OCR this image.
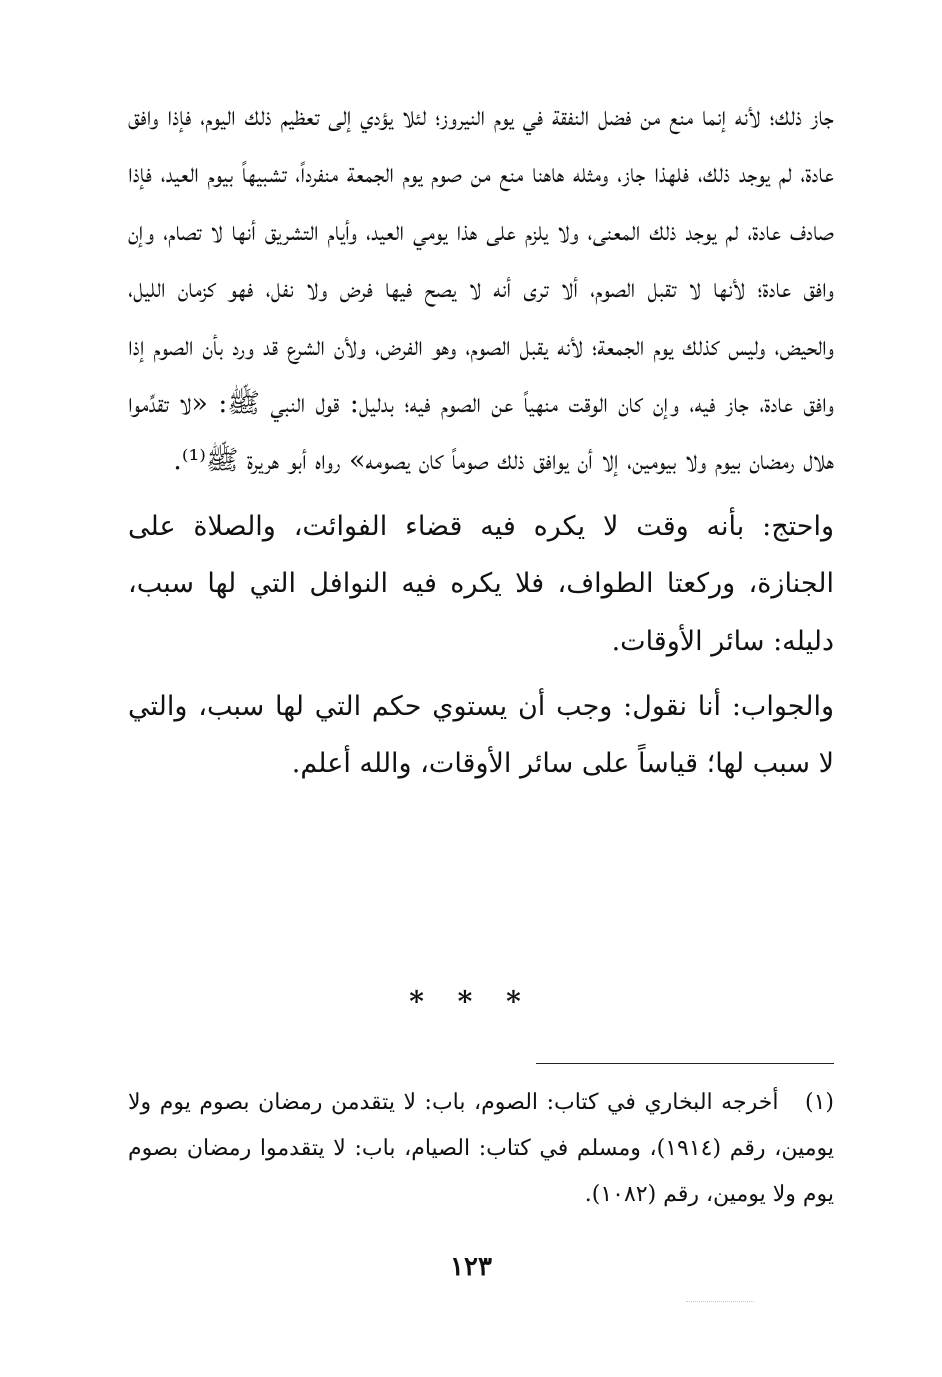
جاز ذلك؛ لأنه إنما منع من فضل النفقة في يوم النيروز؛ لئلا يؤدي إلى تعظيم ذلك اليوم، فإذا وافق عادة، لم يوجد ذلك، فلهذا جاز، ومثله هاهنا منع من صوم يوم الجمعة منفرداً، تشبيهاً بيوم العيد، فإذا صادف عادة، لم يوجد ذلك المعنى، ولا يلزم على هذا يومي العيد، وأيام التشريق أنها لا تصام، وإن وافق عادة؛ لأنها لا تقبل الصوم، ألا ترى أنه لا يصح فيها فرض ولا نفل، فهو كزمان الليل، والحيض، وليس كذلك يوم الجمعة؛ لأنه يقبل الصوم، وهو الفرض، ولأن الشرع قد ورد بأن الصوم إذا وافق عادة، جاز فيه، وإن كان الوقت منهياً عن الصوم فيه؛ بدليل: قول النبي ﷺ: «لا تقدِّموا هلال رمضان بيوم ولا بيومين، إلا أن يوافق ذلك صوماً كان يصومه» رواه أبو هريرة ﷺ⁽¹⁾.

واحتج: بأنه وقت لا يكره فيه قضاء الفوائت، والصلاة على الجنازة، وركعتا الطواف، فلا يكره فيه النوافل التي لها سبب، دليله: سائر الأوقات.

والجواب: أنا نقول: وجب أن يستوي حكم التي لها سبب، والتي لا سبب لها؛ قياساً على سائر الأوقات، والله أعلم.

* * *

(١) أخرجه البخاري في كتاب: الصوم، باب: لا يتقدمن رمضان بصوم يوم ولا يومين، رقم (١٩١٤)، ومسلم في كتاب: الصيام، باب: لا يتقدموا رمضان بصوم يوم ولا يومين، رقم (١٠٨٢).

١٢٣
